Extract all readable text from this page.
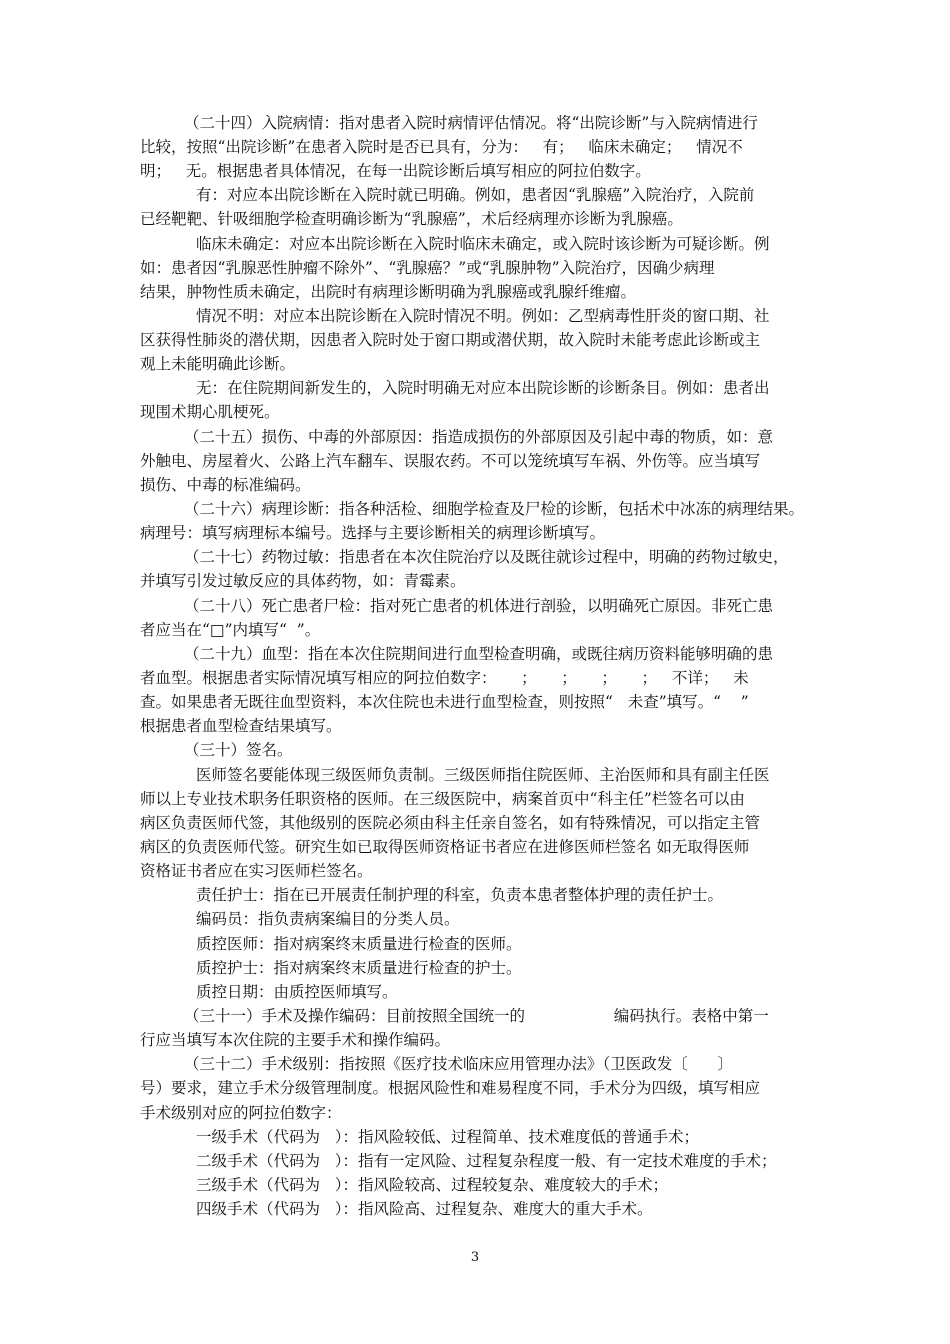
（二十四）入院病情：指对患者入院时病情评估情况。将“出院诊断”与入院病情进行
比较，按照“出院诊断”在患者入院时是否已具有，分为：   有；   临床未确定；   情况不
明；   无。根据患者具体情况，在每一出院诊断后填写相应的阿拉伯数字。
有：对应本出院诊断在入院时就已明确。例如，患者因“乳腺癌”入院治疗，入院前
已经靶靶、针吸细胞学检查明确诊断为“乳腺癌”，术后经病理亦诊断为乳腺癌。
临床未确定：对应本出院诊断在入院时临床未确定，或入院时该诊断为可疑诊断。例
如：患者因“乳腺恶性肿瘤不除外”、“乳腺癌？”或“乳腺肿物”入院治疗，因确少病理
结果，肿物性质未确定，出院时有病理诊断明确为乳腺癌或乳腺纤维瘤。
情况不明：对应本出院诊断在入院时情况不明。例如：乙型病毒性肝炎的窗口期、社
区获得性肺炎的潜伏期，因患者入院时处于窗口期或潜伏期，故入院时未能考虑此诊断或主
观上未能明确此诊断。
无：在住院期间新发生的，入院时明确无对应本出院诊断的诊断条目。例如：患者出
现围术期心肌梗死。
（二十五）损伤、中毒的外部原因：指造成损伤的外部原因及引起中毒的物质，如：意
外触电、房屋着火、公路上汽车翻车、误服农药。不可以笼统填写车祸、外伤等。应当填写
损伤、中毒的标准编码。
（二十六）病理诊断：指各种活检、细胞学检查及尸检的诊断，包括术中冰冻的病理结果。
病理号：填写病理标本编号。选择与主要诊断相关的病理诊断填写。
（二十七）药物过敏：指患者在本次住院治疗以及既往就诊过程中，明确的药物过敏史，
并填写引发过敏反应的具体药物，如：青霉素。
（二十八）死亡患者尸检：指对死亡患者的机体进行剖验，以明确死亡原因。非死亡患
者应当在“□”内填写“  ”。
（二十九）血型：指在本次住院期间进行血型检查明确，或既往病历资料能够明确的患
者血型。根据患者实际情况填写相应的阿拉伯数字：     ；     ；     ；     ；   不详；   未
查。如果患者无既往血型资料，本次住院也未进行血型检查，则按照“   未查”填写。“    ”
根据患者血型检查结果填写。
（三十）签名。
医师签名要能体现三级医师负责制。三级医师指住院医师、主治医师和具有副主任医
师以上专业技术职务任职资格的医师。在三级医院中，病案首页中“科主任”栏签名可以由
病区负责医师代签，其他级别的医院必须由科主任亲自签名，如有特殊情况，可以指定主管
病区的负责医师代签。研究生如已取得医师资格证书者应在进修医师栏签名 如无取得医师
资格证书者应在实习医师栏签名。
责任护士：指在已开展责任制护理的科室，负责本患者整体护理的责任护士。
编码员：指负责病案编目的分类人员。
质控医师：指对病案终末质量进行检查的医师。
质控护士：指对病案终末质量进行检查的护士。
质控日期：由质控医师填写。
（三十一）手术及操作编码：目前按照全国统一的                  编码执行。表格中第一
行应当填写本次住院的主要手术和操作编码。
（三十二）手术级别：指按照《医疗技术临床应用管理办法》（卫医政发〔      〕
号）要求，建立手术分级管理制度。根据风险性和难易程度不同，手术分为四级，填写相应
手术级别对应的阿拉伯数字：
一级手术（代码为   ）：指风险较低、过程简单、技术难度低的普通手术；
二级手术（代码为   ）：指有一定风险、过程复杂程度一般、有一定技术难度的手术；
三级手术（代码为   ）：指风险较高、过程较复杂、难度较大的手术；
四级手术（代码为   ）：指风险高、过程复杂、难度大的重大手术。
3
